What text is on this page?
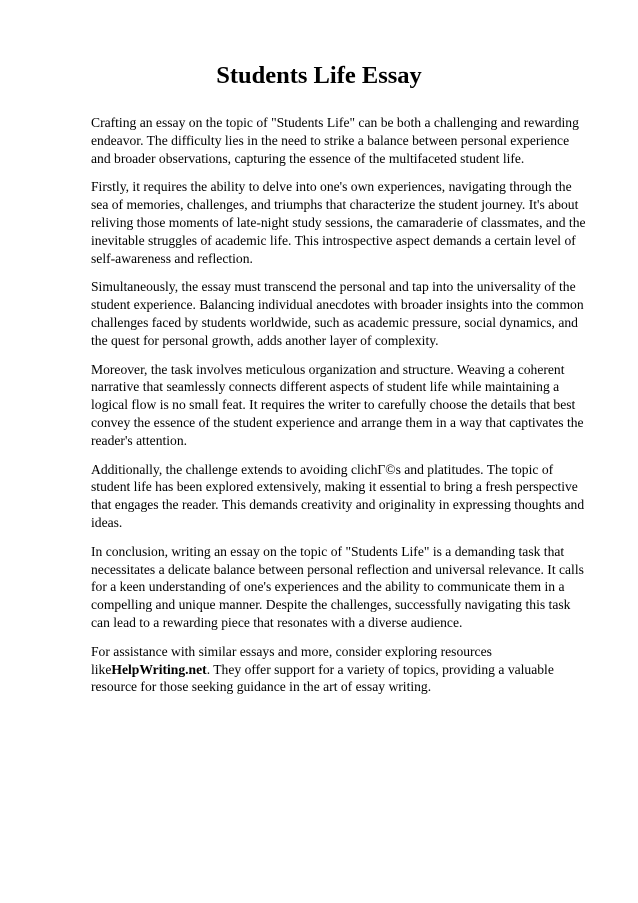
Students Life Essay

Crafting an essay on the topic of "Students Life" can be both a challenging and rewarding endeavor. The difficulty lies in the need to strike a balance between personal experience and broader observations, capturing the essence of the multifaceted student life.

Firstly, it requires the ability to delve into one's own experiences, navigating through the sea of memories, challenges, and triumphs that characterize the student journey. It's about reliving those moments of late-night study sessions, the camaraderie of classmates, and the inevitable struggles of academic life. This introspective aspect demands a certain level of self-awareness and reflection.

Simultaneously, the essay must transcend the personal and tap into the universality of the student experience. Balancing individual anecdotes with broader insights into the common challenges faced by students worldwide, such as academic pressure, social dynamics, and the quest for personal growth, adds another layer of complexity.

Moreover, the task involves meticulous organization and structure. Weaving a coherent narrative that seamlessly connects different aspects of student life while maintaining a logical flow is no small feat. It requires the writer to carefully choose the details that best convey the essence of the student experience and arrange them in a way that captivates the reader's attention.

Additionally, the challenge extends to avoiding clichГ©s and platitudes. The topic of student life has been explored extensively, making it essential to bring a fresh perspective that engages the reader. This demands creativity and originality in expressing thoughts and ideas.

In conclusion, writing an essay on the topic of "Students Life" is a demanding task that necessitates a delicate balance between personal reflection and universal relevance. It calls for a keen understanding of one's experiences and the ability to communicate them in a compelling and unique manner. Despite the challenges, successfully navigating this task can lead to a rewarding piece that resonates with a diverse audience.

For assistance with similar essays and more, consider exploring resources likeHelpWriting.net. They offer support for a variety of topics, providing a valuable resource for those seeking guidance in the art of essay writing.
